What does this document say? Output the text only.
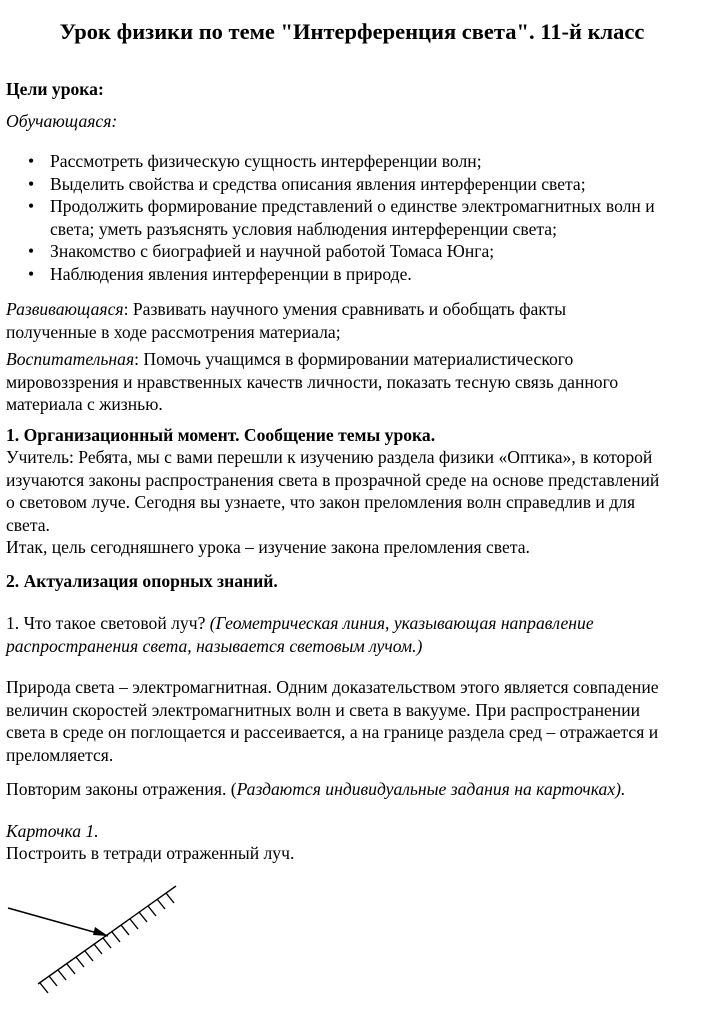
Урок физики по теме "Интерференция света". 11-й класс

Цели урока:

Обучающаяся:

• Рассмотреть физическую сущность интерференции волн;
• Выделить свойства и средства описания явления интерференции света;
• Продолжить формирование представлений о единстве электромагнитных волн и
света; уметь разъяснять условия наблюдения интерференции света;
• Знакомство с биографией и научной работой Томаса Юнга;
• Наблюдения явления интерференции в природе.

Развивающаяся: Развивать научного умения сравнивать и обобщать факты
полученные в ходе рассмотрения материала;

Воспитательная: Помочь учащимся в формировании материалистического
мировоззрения и нравственных качеств личности, показать тесную связь данного
материала с жизнью.

1. Организационный момент. Сообщение темы урока.

Учитель: Ребята, мы с вами перешли к изучению раздела физики «Оптика», в которой
изучаются законы распространения света в прозрачной среде на основе представлений
о световом луче. Сегодня вы узнаете, что закон преломления волн справедлив и для
света.
Итак, цель сегодняшнего урока – изучение закона преломления света.

2. Актуализация опорных знаний.

1. Что такое световой луч? (Геометрическая линия, указывающая направление
распространения света, называется световым лучом.)

Природа света – электромагнитная. Одним доказательством этого является совпадение
величин скоростей электромагнитных волн и света в вакууме. При распространении
света в среде он поглощается и рассеивается, а на границе раздела сред – отражается и
преломляется.

Повторим законы отражения. (Раздаются индивидуальные задания на карточках).

Карточка 1.

Построить в тетради отраженный луч.
